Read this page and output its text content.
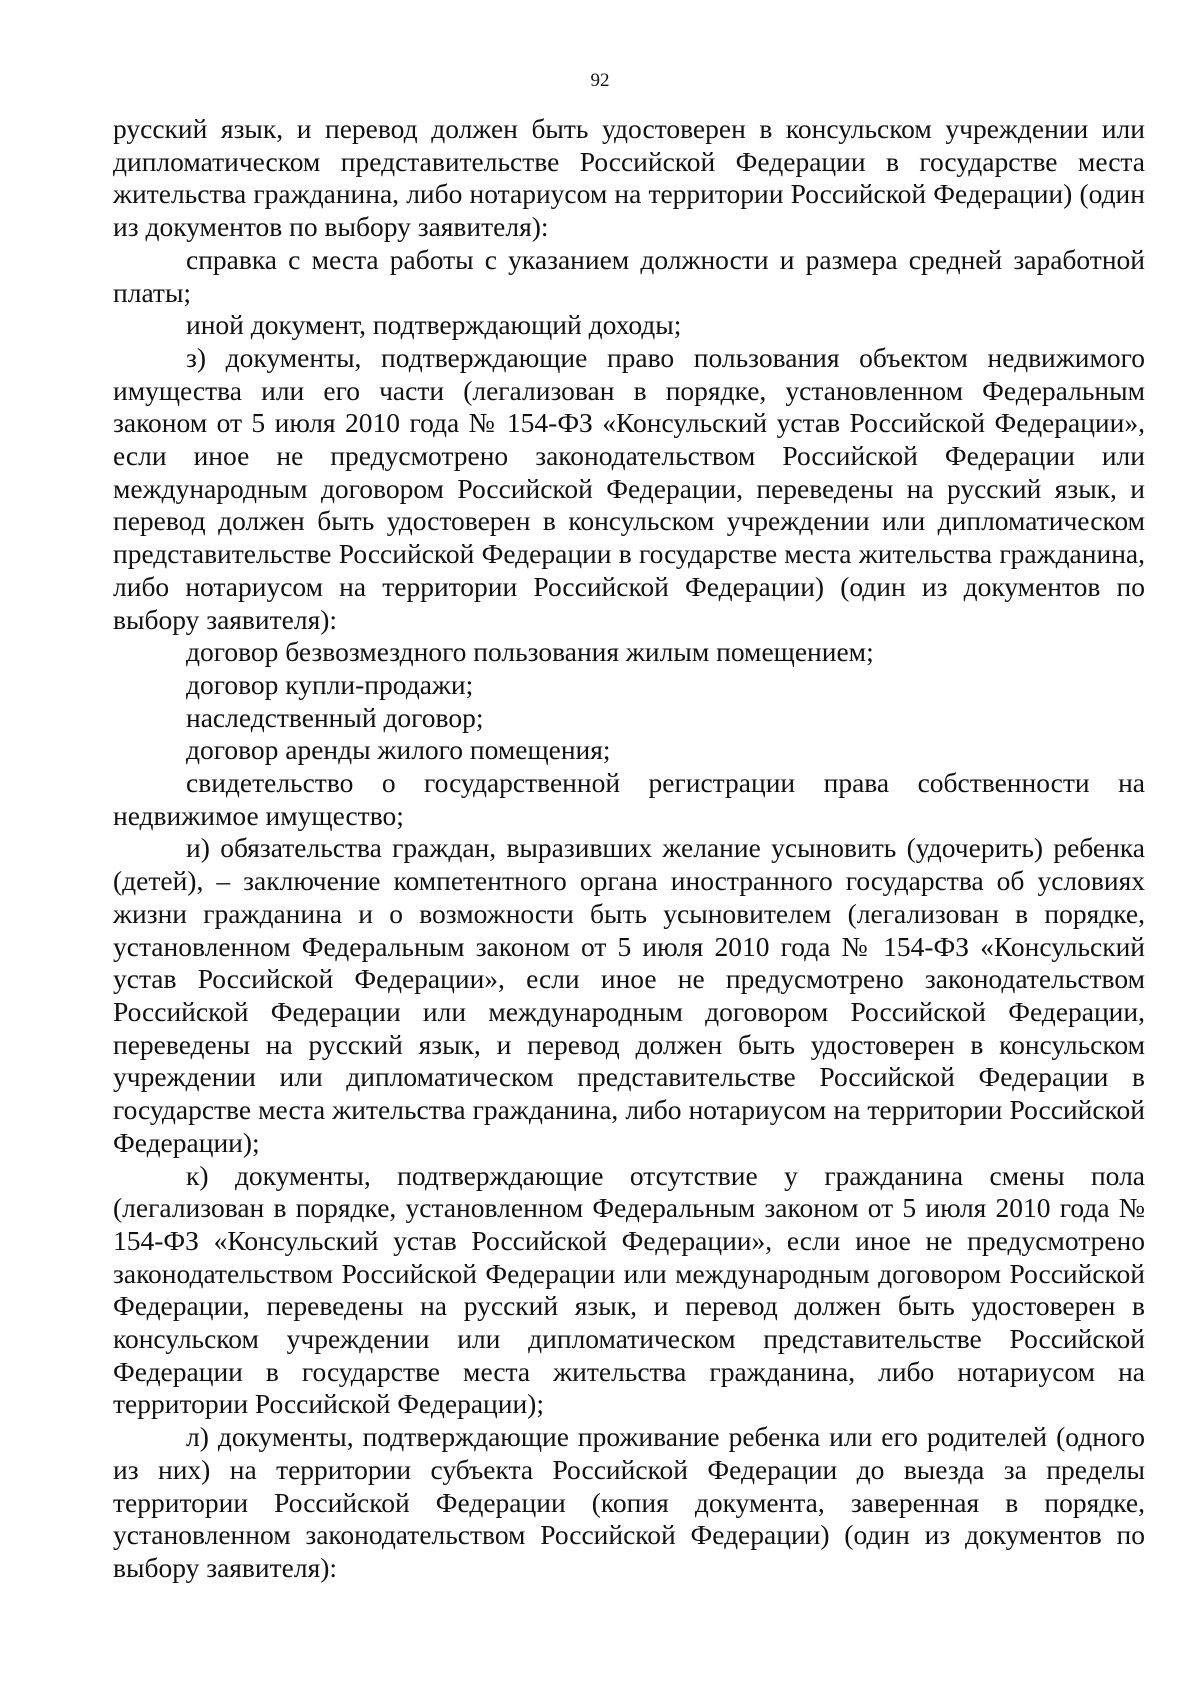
92

русский язык, и перевод должен быть удостоверен в консульском учреждении или дипломатическом представительстве Российской Федерации в государстве места жительства гражданина, либо нотариусом на территории Российской Федерации) (один из документов по выбору заявителя):

справка с места работы с указанием должности и размера средней заработной платы;

иной документ, подтверждающий доходы;

з) документы, подтверждающие право пользования объектом недвижимого имущества или его части (легализован в порядке, установленном Федеральным законом от 5 июля 2010 года № 154-ФЗ «Консульский устав Российской Федерации», если иное не предусмотрено законодательством Российской Федерации или международным договором Российской Федерации, переведены на русский язык, и перевод должен быть удостоверен в консульском учреждении или дипломатическом представительстве Российской Федерации в государстве места жительства гражданина, либо нотариусом на территории Российской Федерации) (один из документов по выбору заявителя):

договор безвозмездного пользования жилым помещением;

договор купли-продажи;

наследственный договор;

договор аренды жилого помещения;

свидетельство о государственной регистрации права собственности на недвижимое имущество;

и) обязательства граждан, выразивших желание усыновить (удочерить) ребенка (детей), – заключение компетентного органа иностранного государства об условиях жизни гражданина и о возможности быть усыновителем (легализован в порядке, установленном Федеральным законом от 5 июля 2010 года № 154-ФЗ «Консульский устав Российской Федерации», если иное не предусмотрено законодательством Российской Федерации или международным договором Российской Федерации, переведены на русский язык, и перевод должен быть удостоверен в консульском учреждении или дипломатическом представительстве Российской Федерации в государстве места жительства гражданина, либо нотариусом на территории Российской Федерации);

к) документы, подтверждающие отсутствие у гражданина смены пола (легализован в порядке, установленном Федеральным законом от 5 июля 2010 года № 154-ФЗ «Консульский устав Российской Федерации», если иное не предусмотрено законодательством Российской Федерации или международным договором Российской Федерации, переведены на русский язык, и перевод должен быть удостоверен в консульском учреждении или дипломатическом представительстве Российской Федерации в государстве места жительства гражданина, либо нотариусом на территории Российской Федерации);

л) документы, подтверждающие проживание ребенка или его родителей (одного из них) на территории субъекта Российской Федерации до выезда за пределы территории Российской Федерации (копия документа, заверенная в порядке, установленном законодательством Российской Федерации) (один из документов по выбору заявителя):
